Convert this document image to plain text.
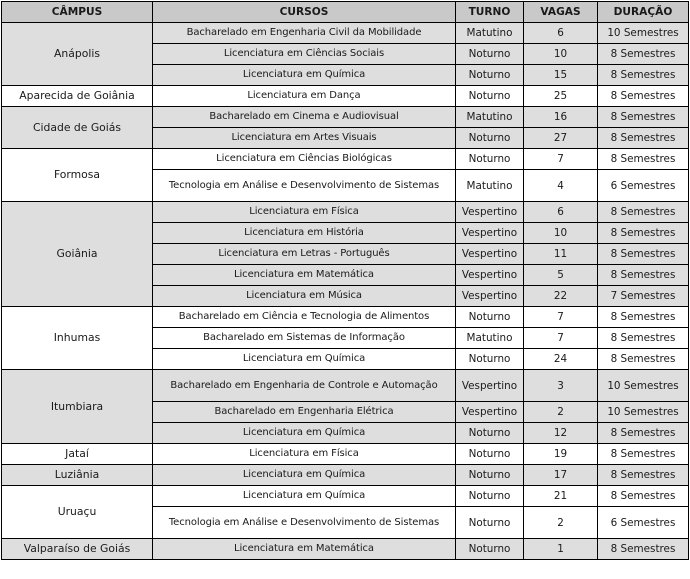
CÂMPUS	CURSOS	TURNO	VAGAS	DURAÇÃO
Anápolis	Bacharelado em Engenharia Civil da Mobilidade	Matutino	6	10 Semestres
	Licenciatura em Ciências Sociais	Noturno	10	8 Semestres
	Licenciatura em Química	Noturno	15	8 Semestres
Aparecida de Goiânia	Licenciatura em Dança	Noturno	25	8 Semestres
Cidade de Goiás	Bacharelado em Cinema e Audiovisual	Matutino	16	8 Semestres
	Licenciatura em Artes Visuais	Noturno	27	8 Semestres
Formosa	Licenciatura em Ciências Biológicas	Noturno	7	8 Semestres
	Tecnologia em Análise e Desenvolvimento de Sistemas	Matutino	4	6 Semestres
Goiânia	Licenciatura em Física	Vespertino	6	8 Semestres
	Licenciatura em História	Vespertino	10	8 Semestres
	Licenciatura em Letras - Português	Vespertino	11	8 Semestres
	Licenciatura em Matemática	Vespertino	5	8 Semestres
	Licenciatura em Música	Vespertino	22	7 Semestres
Inhumas	Bacharelado em Ciência e Tecnologia de Alimentos	Noturno	7	8 Semestres
	Bacharelado em Sistemas de Informação	Matutino	7	8 Semestres
	Licenciatura em Química	Noturno	24	8 Semestres
Itumbiara	Bacharelado em Engenharia de Controle e Automação	Vespertino	3	10 Semestres
	Bacharelado em Engenharia Elétrica	Vespertino	2	10 Semestres
	Licenciatura em Química	Noturno	12	8 Semestres
Jataí	Licenciatura em Física	Noturno	19	8 Semestres
Luziânia	Licenciatura em Química	Noturno	17	8 Semestres
Uruaçu	Licenciatura em Química	Noturno	21	8 Semestres
	Tecnologia em Análise e Desenvolvimento de Sistemas	Noturno	2	6 Semestres
Valparaíso de Goiás	Licenciatura em Matemática	Noturno	1	8 Semestres
